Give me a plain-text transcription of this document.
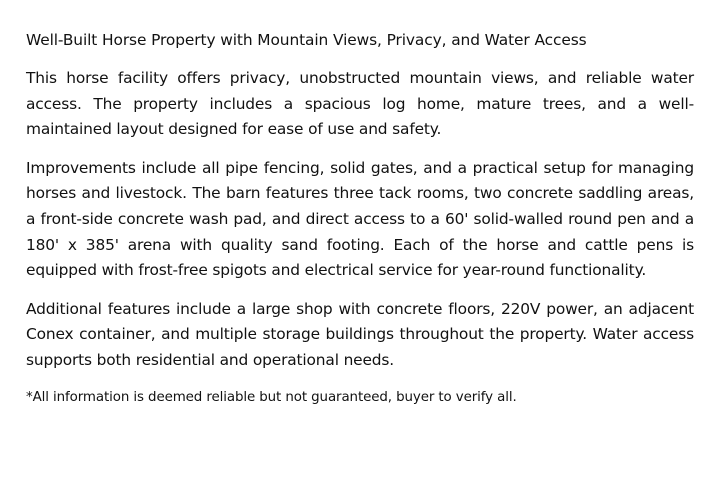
Well-Built Horse Property with Mountain Views, Privacy, and Water Access

This horse facility offers privacy, unobstructed mountain views, and reliable water access. The property includes a spacious log home, mature trees, and a well-maintained layout designed for ease of use and safety.

Improvements include all pipe fencing, solid gates, and a practical setup for managing horses and livestock. The barn features three tack rooms, two concrete saddling areas, a front-side concrete wash pad, and direct access to a 60' solid-walled round pen and a 180' x 385' arena with quality sand footing. Each of the horse and cattle pens is equipped with frost-free spigots and electrical service for year-round functionality.

Additional features include a large shop with concrete floors, 220V power, an adjacent Conex container, and multiple storage buildings throughout the property. Water access supports both residential and operational needs.

*All information is deemed reliable but not guaranteed, buyer to verify all.
